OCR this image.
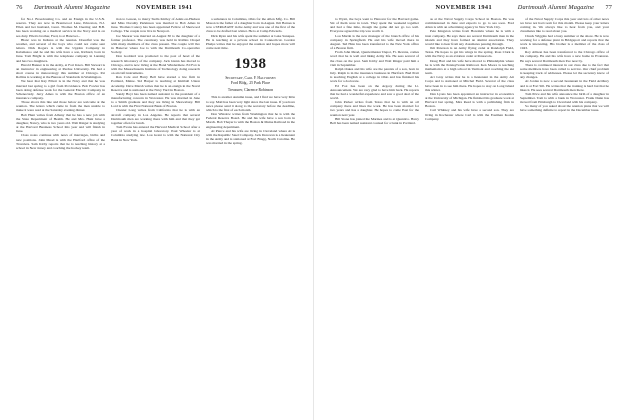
76 Dartmouth Alumni Magazine	NOVEMBER 1941

for No.1 Broadcasting Co. and an Ensign in the U.S.N. reserve. They are now in Brentwood Lane, Princeton, N.J. Ellen and her husband, Lieut. Thomas M. Deering and B.B. has been working on a medical service in the Navy and is on sea duty. Ellen's brother, Fred, is at Hanover...

Blanc was in Indiana at the reunion. Dreadful was the weather, and several of the boys who could not come sent letters. Dick Rogers is with the Upjohn Company in Kalamazoo and he and his wife have a son, Richard, born in June. Tom Bright is with the telephone company in Lansing and has two daughters.

Harold Banner is in the Army, at Fort Knox. Bill Stewart is an instructor in engineering at Purdue University. He had a short course in meteorology this summer at Chicago. Pat Rollins is working at the Bureau of Standards in Washington.

We hear that Ray Elliott is in the Navy and that he was married last spring to a girl from Providence. Bob Fowler has been doing defense work for the General Electric Company in Schenectady. Jerry Ames is with the Boston office of an insurance company.

Those above this line and those below are welcome at the reunion. The letters which came in from the men unable to make it were read at the Saturday evening dinner.

Bob Hunt writes from Albany that he has a new job with the State Department of Health. He and Mrs. Hunt have a daughter, Nancy, who is two years old. Walt Ringer is studying at the Harvard Business School this year and will finish in June.

Class notes continue with news of marriages, births and new positions. John Mead is with the Hartford office of the Travelers. Sam Kirby reports that he is teaching history at a school in New Jersey and coaching the hockey team.

tion to Lesson, to marry Stella Kirtley of Adair-on-Hudson and Miss Dorothy Parkinson was married to Bob Ames in June. Thomas Conroy has been appointed Fellow of Sherwood College. The couple now live in Newport.

Joe Shearer was married on August 30 to the daughter of a former professor. The ceremony was held in Rollins Chapel with many members of the class present. The couple will live in Hanover where Joe is with the Dartmouth Co-operative Society.

Don Goddard was promoted to the post of head of the research laboratory of the company. Jack Glenn has moved to Chicago, and is now living at the Hotel Windermere. Ed Fox is with the Massachusetts Institute of Technology doing research on aircraft instruments.

Ran Cole and Harry Bell have started a law firm in Portland, Maine. Sid Harper is teaching at Kimball Union Academy. Dave Marsh writes that he is an ensign in the Naval Reserve and is stationed at the Navy Yard in Boston.

Sandy Hoyt has been named assistant to the president of a manufacturing concern in Worcester. He was married in June to a Smith graduate and they are living in Shrewsbury. Bill Lord is with the First National Bank of Boston.

Chester Long writes from California that he is with an aircraft company in Los Angeles. He reports that several Dartmouth men are working there with him and that they get together often for lunch.

Tom Evans has entered the Harvard Medical School after a year of work in a hospital laboratory. Paul Wheeler is at Columbia studying law. Lou Grant is with the National City Bank in New York.

a substance in Columbus, Ohio for the Allen Mfg. Co. Bill Mason is the father of a daughter born in August. Jim Barnes is now a SERGEANT in the Army and was one of the first of the class to be drafted last winter. He is at Camp Edwards.

Dick Ryan and his wife spent the summer at Lake Sunapee. He is teaching at a private school in Connecticut. Gordon Phelps writes that he enjoyed the reunion and hopes more will come next time.

1938
Secretary, Carl F. Halvorsen
Ford Bldg., 25 Park Place
Treasurer, Clarence Robinson

This is another Autumn issue, and I find we have very little to say. Mail has been very light since the last issue. If you have news please send it along to the secretary before the deadline, which is the first of each month.

Don Winslow writes from Washington that he is with the Federal Reserve Board. He and his wife have a son born in March. Bob Thayer is with the Boston & Maine Railroad in the engineering department.

Al Pierce and his wife are living in Cleveland where Al is with the Republic Steel Company. Jack Donovan is a lieutenant in the Army and is stationed at Fort Bragg, North Carolina. He was married in the spring.

NOVEMBER 1941	Dartmouth Alumni Magazine 77

to Wyatt, the boys went to Hanover for the Harvard game. Six of them were in town. They spent the weekend together and had a fine time, though the game did not go too well. Everyone agreed the trip was worth it.

Lou Martin is the new manager of the branch office of his company in Springfield. He and his wife moved there in August. Ted Hale has been transferred to the New York office of a Boston firm.

From John Mead, Quartermaster Depot, Ft. Devens, comes word that he is well and liking Army life. He sees several of the class on the post. Sam Kirby and Walt Ringer paid him a visit in September.

Ralph Oakes and his wife are the parents of a son, born in July. Ralph is in the insurance business in Hartford. Bud Pratt is teaching English at a college in Ohio and has finished his work for a doctorate.

Ed Fox has been on the Argosy during the Lt. Announcement. We are very glad to have him back. He reports that he had a wonderful experience and saw a good deal of the world.

John Parker writes from Texas that he is with an oil company there and likes the work. He has been married for two years and has a daughter. He hopes to come East for the reunion next year.

Bill Stone has joined the Marines and is at Quantico. Harry Bell has been named assistant counsel for a bank in Portland.

as at the Naval Supply Corps School in Boston. He was commissioned in June and expects to go to sea soon. Fred Allen is with an advertising agency in New York City.

Pete Kingston writes from Honolulu where he is with a trust company. He says there are several Dartmouth men in the islands and they have formed an alumni association. They would like to hear from any classmates passing through.

Jim Peterson is an Army flying cadet at Randolph Field, Texas. He hopes to get his wings in the spring. Ross Clark is with the Navy as an aviation cadet at Pensacola.

Doug Hart and his wife have moved to Philadelphia where he is with the Pennsylvania Railroad. Ken Moore is teaching mathematics at a high school in Vermont and coaching the ski team.

Art Gray writes that he is a lieutenant in the Army Air Corps and is stationed at Mitchel Field. Several of the class have been in to see him there. He hopes to stay on Long Island this winter.

Dan Lyons has been appointed an instructor in economics at the University of Michigan. He finished his graduate work at Harvard last spring. Max Reed is with a publishing firm in Boston.

Carl Whitney and his wife have a second son. They are living in Rochester where Carl is with the Eastman Kodak Company.

of the Naval Supply Corps this year and lots of other news we have not had room for this month. Please keep your letters coming in. We always like to hear from you, and your classmates like to read about you.

Chuck Wiggins had a busy summer at the shore. He is now working for a defense plant in Bridgeport and reports that the work is interesting. His brother is a member of the class of 1943.

Roy Allison has been transferred to the Chicago office of his company. He and his wife have a new home in Evanston. He says several Dartmouth men live near by.

There is continued interest in our class due to the fact that some members have been called to service. Our chief problem is keeping track of addresses. Please let the secretary know of any changes.

Al Jordan is now a second lieutenant in the Field Artillery and is at Fort Sill. He writes that the training is hard but that he likes it. He sees several Dartmouth men there.

Tom Price and his wife announce the birth of a daughter in September. Tom is with a bank in Worcester. Frank Dunn has moved from Pittsburgh to Cleveland with his company.

So many of you asked about the reunion plans that we will have something definite to report in the December issue.
